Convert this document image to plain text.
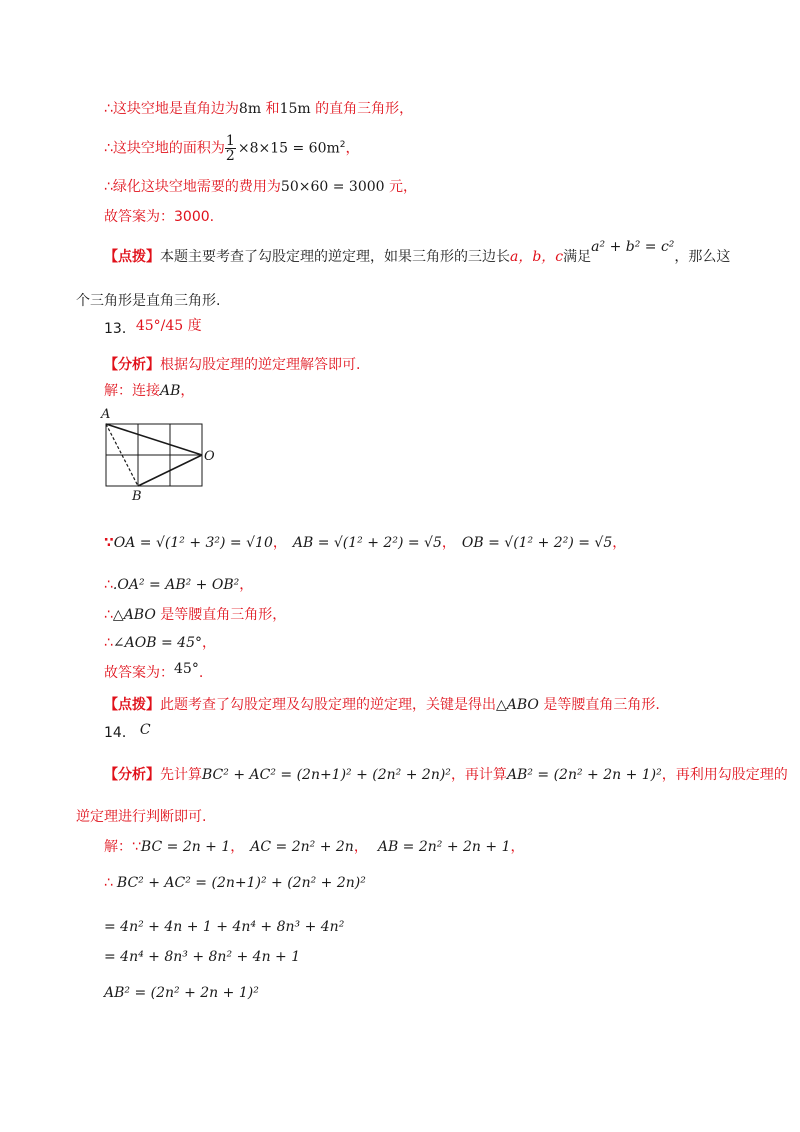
∴这块空地是直角边为8m 和15m 的直角三角形，
∴这块空地的面积为 $\frac{1}{2} \times 8\times 15 = 60m^2$，
∴绿化这块空地需要的费用为50×60 = 3000 元，
故答案为：3000.
【点拨】本题主要考查了勾股定理的逆定理，如果三角形的三边长a，b，c满足a² + b² = c²，那么这
个三角形是直角三角形.
13．45°/45 度
【分析】根据勾股定理的逆定理解答即可.
解：连接AB，
A
O
B
∵OA = √(1² + 3²) = √10， AB = √(1² + 2²) = √5， OB = √(1² + 2²) = √5，
∴.OA² = AB² + OB²，
∴△ABO 是等腰直角三角形，
∴∠AOB = 45°，
故答案为：45°.
【点拨】此题考查了勾股定理及勾股定理的逆定理，关键是得出△ABO 是等腰直角三角形.
14． C
【分析】先计算BC² + AC² = (2n+1)² + (2n² + 2n)²，再计算AB² = (2n² + 2n + 1)²，再利用勾股定理的
逆定理进行判断即可.
解：∵BC = 2n + 1， AC = 2n² + 2n， AB = 2n² + 2n + 1，
∴ BC² + AC² = (2n+1)² + (2n² + 2n)²
= 4n² + 4n + 1 + 4n⁴ + 8n³ + 4n²
= 4n⁴ + 8n³ + 8n² + 4n + 1
AB² = (2n² + 2n + 1)²
